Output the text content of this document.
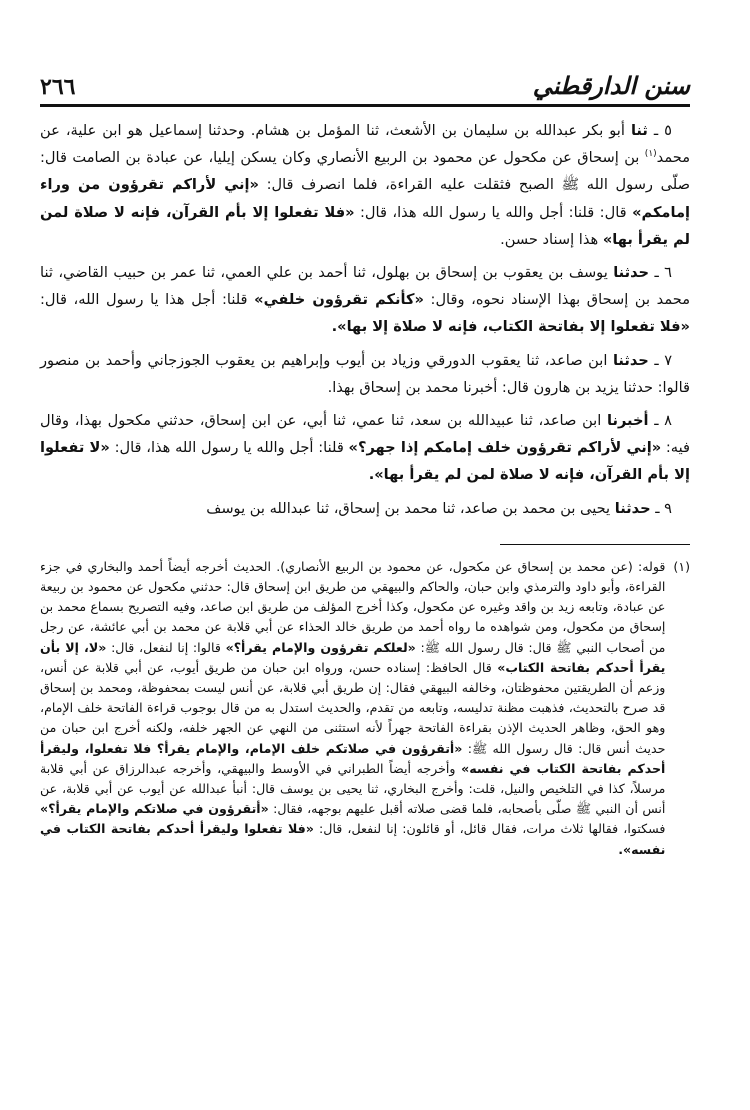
٢٦٦	سنن الدارقطني

٥ ـ ثنا أبو بكر عبدالله بن سليمان بن الأشعث، ثنا المؤمل بن هشام. وحدثنا إسماعيل هو ابن علية، عن محمد$^{(١)}$ بن إسحاق عن مكحول عن محمود بن الربيع الأنصاري وكان يسكن إيليا، عن عبادة بن الصامت قال: صلّى رسول الله ﷺ الصبح فثقلت عليه القراءة، فلما انصرف قال: «إني لأراكم تقرؤون من وراء إمامكم» قال: قلنا: أجل والله يا رسول الله هذا، قال: «فلا تفعلوا إلا بأم القرآن، فإنه لا صلاة لمن لم يقرأ بها» هذا إسناد حسن.

٦ ـ حدثنا يوسف بن يعقوب بن إسحاق بن بهلول، ثنا أحمد بن علي العمي، ثنا عمر بن حبيب القاضي، ثنا محمد بن إسحاق بهذا الإسناد نحوه، وقال: «كأنكم تقرؤون خلفي» قلنا: أجل هذا يا رسول الله، قال: «فلا تفعلوا إلا بفاتحة الكتاب، فإنه لا صلاة إلا بها».

٧ ـ حدثنا ابن صاعد، ثنا يعقوب الدورقي وزياد بن أيوب وإبراهيم بن يعقوب الجوزجاني وأحمد بن منصور قالوا: حدثنا يزيد بن هارون قال: أخبرنا محمد بن إسحاق بهذا.

٨ ـ أخبرنا ابن صاعد، ثنا عبيدالله بن سعد، ثنا عمي، ثنا أبي، عن ابن إسحاق، حدثني مكحول بهذا، وقال فيه: «إني لأراكم تقرؤون خلف إمامكم إذا جهر؟» قلنا: أجل والله يا رسول الله هذا، قال: «لا تفعلوا إلا بأم القرآن، فإنه لا صلاة لمن لم يقرأ بها».

٩ ـ حدثنا يحيى بن محمد بن صاعد، ثنا محمد بن إسحاق، ثنا عبدالله بن يوسف

(١)
قوله: (عن محمد بن إسحاق عن مكحول، عن محمود بن الربيع الأنصاري). الحديث أخرجه أيضاً أحمد والبخاري في جزء القراءة، وأبو داود والترمذي وابن حبان، والحاكم والبيهقي من طريق ابن إسحاق قال: حدثني مكحول عن محمود بن ربيعة عن عبادة، وتابعه زيد بن واقد وغيره عن مكحول، وكذا أخرج المؤلف من طريق ابن صاعد، وفيه التصريح بسماع محمد بن إسحاق من مكحول، ومن شواهده ما رواه أحمد من طريق خالد الحذاء عن أبي قلابة عن محمد بن أبي عائشة، عن رجل من أصحاب النبي ﷺ قال: قال رسول الله ﷺ: «لعلكم تقرؤون والإمام يقرأ؟» قالوا: إنا لنفعل، قال: «لا، إلا بأن يقرأ أحدكم بفاتحة الكتاب» قال الحافظ: إسناده حسن، ورواه ابن حبان من طريق أيوب، عن أبي قلابة عن أنس، وزعم أن الطريقتين محفوظتان، وخالفه البيهقي فقال: إن طريق أبي قلابة، عن أنس ليست بمحفوظة، ومحمد بن إسحاق قد صرح بالتحديث، فذهبت مظنة تدليسه، وتابعه من تقدم، والحديث استدل به من قال بوجوب قراءة الفاتحة خلف الإمام، وهو الحق، وظاهر الحديث الإذن بقراءة الفاتحة جهراً لأنه استثنى من النهي عن الجهر خلفه، ولكنه أخرج ابن حبان من حديث أنس قال: قال رسول الله ﷺ: «أتقرؤون في صلاتكم خلف الإمام، والإمام يقرأ؟ فلا تفعلوا، وليقرأ أحدكم بفاتحة الكتاب في نفسه» وأخرجه أيضاً الطبراني في الأوسط والبيهقي، وأخرجه عبدالرزاق عن أبي قلابة مرسلاً، كذا في التلخيص والنيل، قلت: وأخرج البخاري، ثنا يحيى بن يوسف قال: أنبأ عبدالله عن أيوب عن أبي قلابة، عن أنس أن النبي ﷺ صلّى بأصحابه، فلما قضى صلاته أقبل عليهم بوجهه، فقال: «أتقرؤون في صلاتكم والإمام يقرأ؟» فسكتوا، فقالها ثلاث مرات، فقال قائل، أو قائلون: إنا لنفعل، قال: «فلا تفعلوا وليقرأ أحدكم بفاتحة الكتاب في نفسه».
